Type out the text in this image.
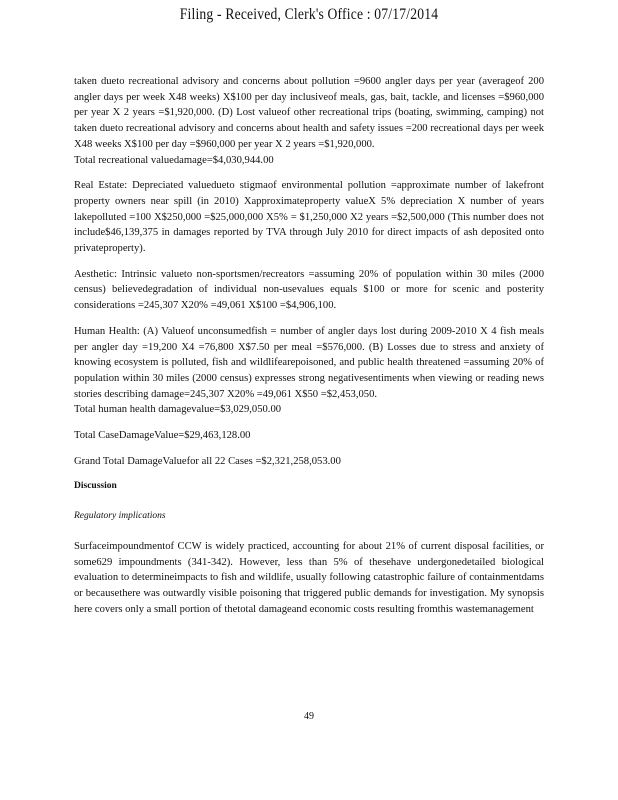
Filing - Received, Clerk's Office : 07/17/2014

taken dueto recreational advisory and concerns about pollution =9600 angler days per year (averageof 200 angler days per week X48 weeks) X$100 per day inclusiveof meals, gas, bait, tackle, and licenses =$960,000 per year X 2 years =$1,920,000. (D) Lost valueof other recreational trips (boating, swimming, camping) not taken dueto recreational advisory and concerns about health and safety issues =200 recreational days per week X48 weeks X$100 per day =$960,000 per year X 2 years =$1,920,000.
Total recreational valuedamage=$4,030,944.00

Real Estate: Depreciated valuedueto stigmaof environmental pollution =approximate number of lakefront property owners near spill (in 2010) Xapproximateproperty valueX 5% depreciation X number of years lakepolluted =100 X$250,000 =$25,000,000 X5% = $1,250,000 X2 years =$2,500,000 (This number does not include$46,139,375 in damages reported by TVA through July 2010 for direct impacts of ash deposited onto privateproperty).

Aesthetic: Intrinsic valueto non-sportsmen/recreators =assuming 20% of population within 30 miles (2000 census) believedegradation of individual non-usevalues equals $100 or more for scenic and posterity considerations =245,307 X20% =49,061 X$100 =$4,906,100.

Human Health: (A) Valueof unconsumedfish = number of angler days lost during 2009-2010 X 4 fish meals per angler day =19,200 X4 =76,800 X$7.50 per meal =$576,000. (B) Losses due to stress and anxiety of knowing ecosystem is polluted, fish and wildlifearepoisoned, and public health threatened =assuming 20% of population within 30 miles (2000 census) expresses strong negativesentiments when viewing or reading news stories describing damage=245,307 X20% =49,061 X$50 =$2,453,050.
Total human health damagevalue=$3,029,050.00

Total CaseDamageValue=$29,463,128.00

Grand Total DamageValuefor all 22 Cases =$2,321,258,053.00

Discussion
Regulatory implications

Surfaceimpoundmentof CCW is widely practiced, accounting for about 21% of current disposal facilities, or some629 impoundments (341-342). However, less than 5% of thesehave undergonedetailed biological evaluation to determineimpacts to fish and wildlife, usually following catastrophic failure of containmentdams or becausethere was outwardly visible poisoning that triggered public demands for investigation. My synopsis here covers only a small portion of thetotal damageand economic costs resulting fromthis wastemanagement

49
